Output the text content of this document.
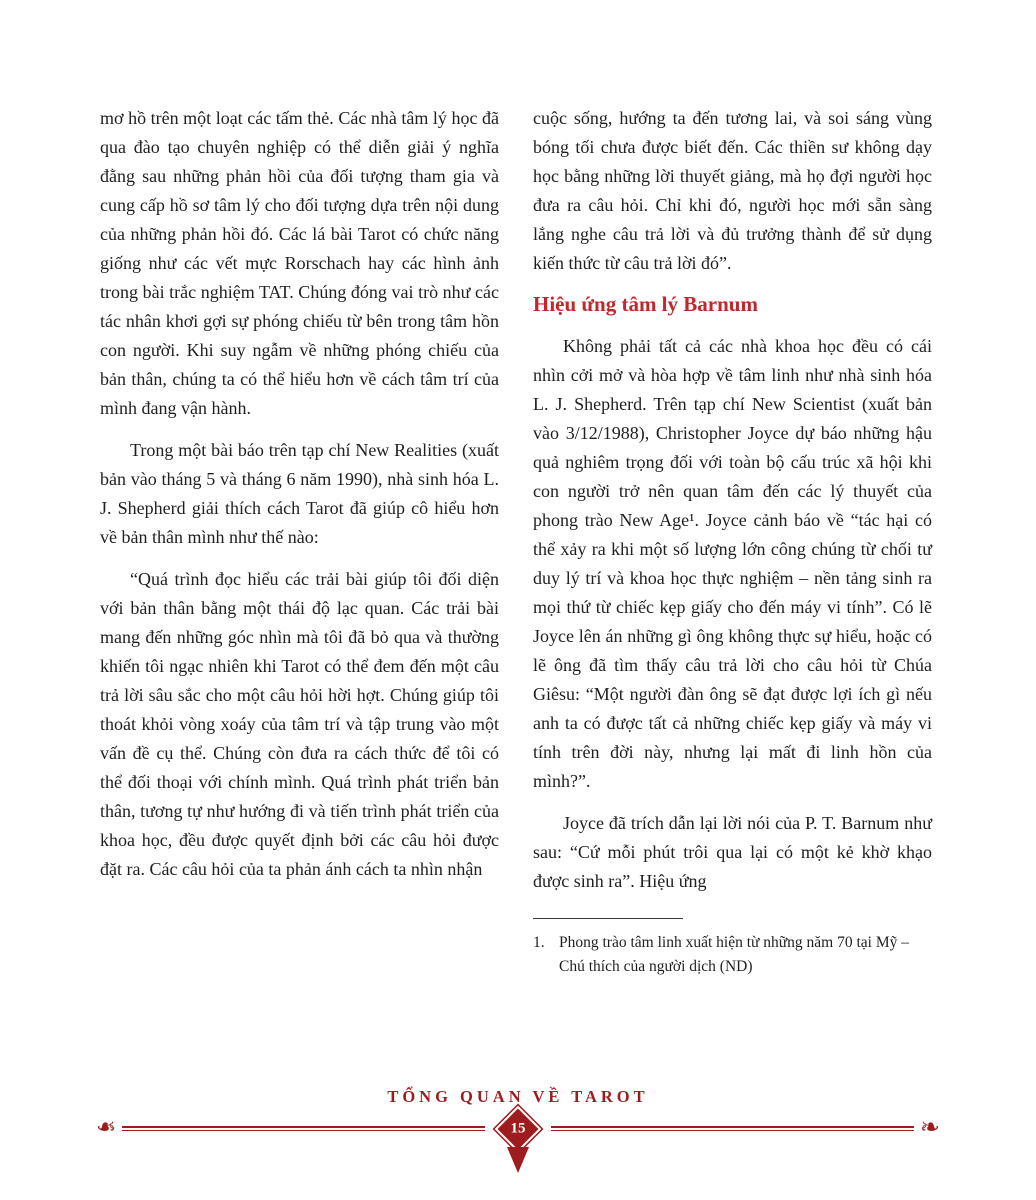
mơ hồ trên một loạt các tấm thẻ. Các nhà tâm lý học đã qua đào tạo chuyên nghiệp có thể diễn giải ý nghĩa đằng sau những phản hồi của đối tượng tham gia và cung cấp hồ sơ tâm lý cho đối tượng dựa trên nội dung của những phản hồi đó. Các lá bài Tarot có chức năng giống như các vết mực Rorschach hay các hình ảnh trong bài trắc nghiệm TAT. Chúng đóng vai trò như các tác nhân khơi gợi sự phóng chiếu từ bên trong tâm hồn con người. Khi suy ngẫm về những phóng chiếu của bản thân, chúng ta có thể hiểu hơn về cách tâm trí của mình đang vận hành.

Trong một bài báo trên tạp chí New Realities (xuất bản vào tháng 5 và tháng 6 năm 1990), nhà sinh hóa L. J. Shepherd giải thích cách Tarot đã giúp cô hiểu hơn về bản thân mình như thế nào:

“Quá trình đọc hiểu các trải bài giúp tôi đối diện với bản thân bằng một thái độ lạc quan. Các trải bài mang đến những góc nhìn mà tôi đã bỏ qua và thường khiến tôi ngạc nhiên khi Tarot có thể đem đến một câu trả lời sâu sắc cho một câu hỏi hời hợt. Chúng giúp tôi thoát khỏi vòng xoáy của tâm trí và tập trung vào một vấn đề cụ thể. Chúng còn đưa ra cách thức để tôi có thể đối thoại với chính mình. Quá trình phát triển bản thân, tương tự như hướng đi và tiến trình phát triển của khoa học, đều được quyết định bởi các câu hỏi được đặt ra. Các câu hỏi của ta phản ánh cách ta nhìn nhận

cuộc sống, hướng ta đến tương lai, và soi sáng vùng bóng tối chưa được biết đến. Các thiền sư không dạy học bằng những lời thuyết giảng, mà họ đợi người học đưa ra câu hỏi. Chỉ khi đó, người học mới sẵn sàng lắng nghe câu trả lời và đủ trưởng thành để sử dụng kiến thức từ câu trả lời đó”.

Hiệu ứng tâm lý Barnum

Không phải tất cả các nhà khoa học đều có cái nhìn cởi mở và hòa hợp về tâm linh như nhà sinh hóa L. J. Shepherd. Trên tạp chí New Scientist (xuất bản vào 3/12/1988), Christopher Joyce dự báo những hậu quả nghiêm trọng đối với toàn bộ cấu trúc xã hội khi con người trở nên quan tâm đến các lý thuyết của phong trào New Age¹. Joyce cảnh báo về “tác hại có thể xảy ra khi một số lượng lớn công chúng từ chối tư duy lý trí và khoa học thực nghiệm – nền tảng sinh ra mọi thứ từ chiếc kẹp giấy cho đến máy vi tính”. Có lẽ Joyce lên án những gì ông không thực sự hiểu, hoặc có lẽ ông đã tìm thấy câu trả lời cho câu hỏi từ Chúa Giêsu: “Một người đàn ông sẽ đạt được lợi ích gì nếu anh ta có được tất cả những chiếc kẹp giấy và máy vi tính trên đời này, nhưng lại mất đi linh hồn của mình?”.

Joyce đã trích dẫn lại lời nói của P. T. Barnum như sau: “Cứ mỗi phút trôi qua lại có một kẻ khờ khạo được sinh ra”. Hiệu ứng

1. Phong trào tâm linh xuất hiện từ những năm 70 tại Mỹ – Chú thích của người dịch (ND)
TỔNG QUAN VỀ TAROT
❧	15	❧
